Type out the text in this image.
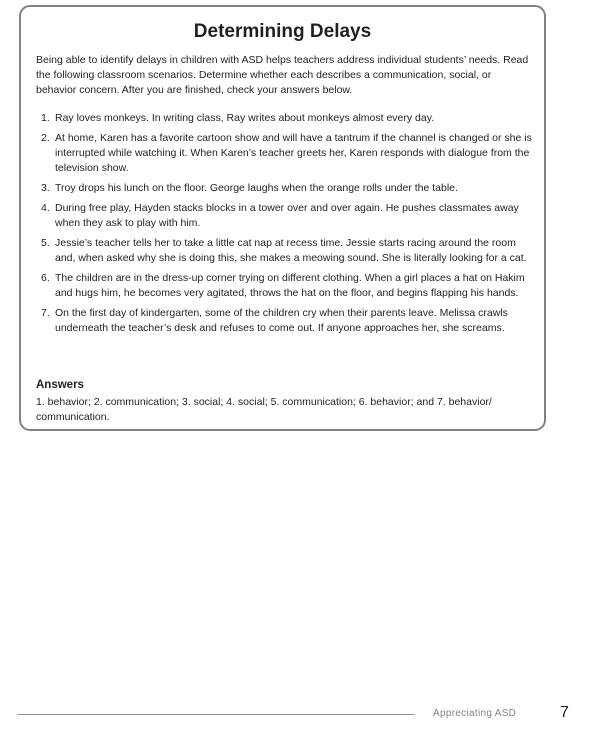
Determining Delays

Being able to identify delays in children with ASD helps teachers address individual students’ needs. Read the following classroom scenarios. Determine whether each describes a communication, social, or behavior concern. After you are finished, check your answers below.

1. Ray loves monkeys. In writing class, Ray writes about monkeys almost every day.
2. At home, Karen has a favorite cartoon show and will have a tantrum if the channel is changed or she is interrupted while watching it. When Karen’s teacher greets her, Karen responds with dialogue from the television show.
3. Troy drops his lunch on the floor. George laughs when the orange rolls under the table.
4. During free play, Hayden stacks blocks in a tower over and over again. He pushes classmates away when they ask to play with him.
5. Jessie’s teacher tells her to take a little cat nap at recess time. Jessie starts racing around the room and, when asked why she is doing this, she makes a meowing sound. She is literally looking for a cat.
6. The children are in the dress-up corner trying on different clothing. When a girl places a hat on Hakim and hugs him, he becomes very agitated, throws the hat on the floor, and begins flapping his hands.
7. On the first day of kindergarten, some of the children cry when their parents leave. Melissa crawls underneath the teacher’s desk and refuses to come out. If anyone approaches her, she screams.
Answers

1. behavior; 2. communication; 3. social; 4. social; 5. communication; 6. behavior; and 7. behavior/ communication.

Appreciating ASD	7
